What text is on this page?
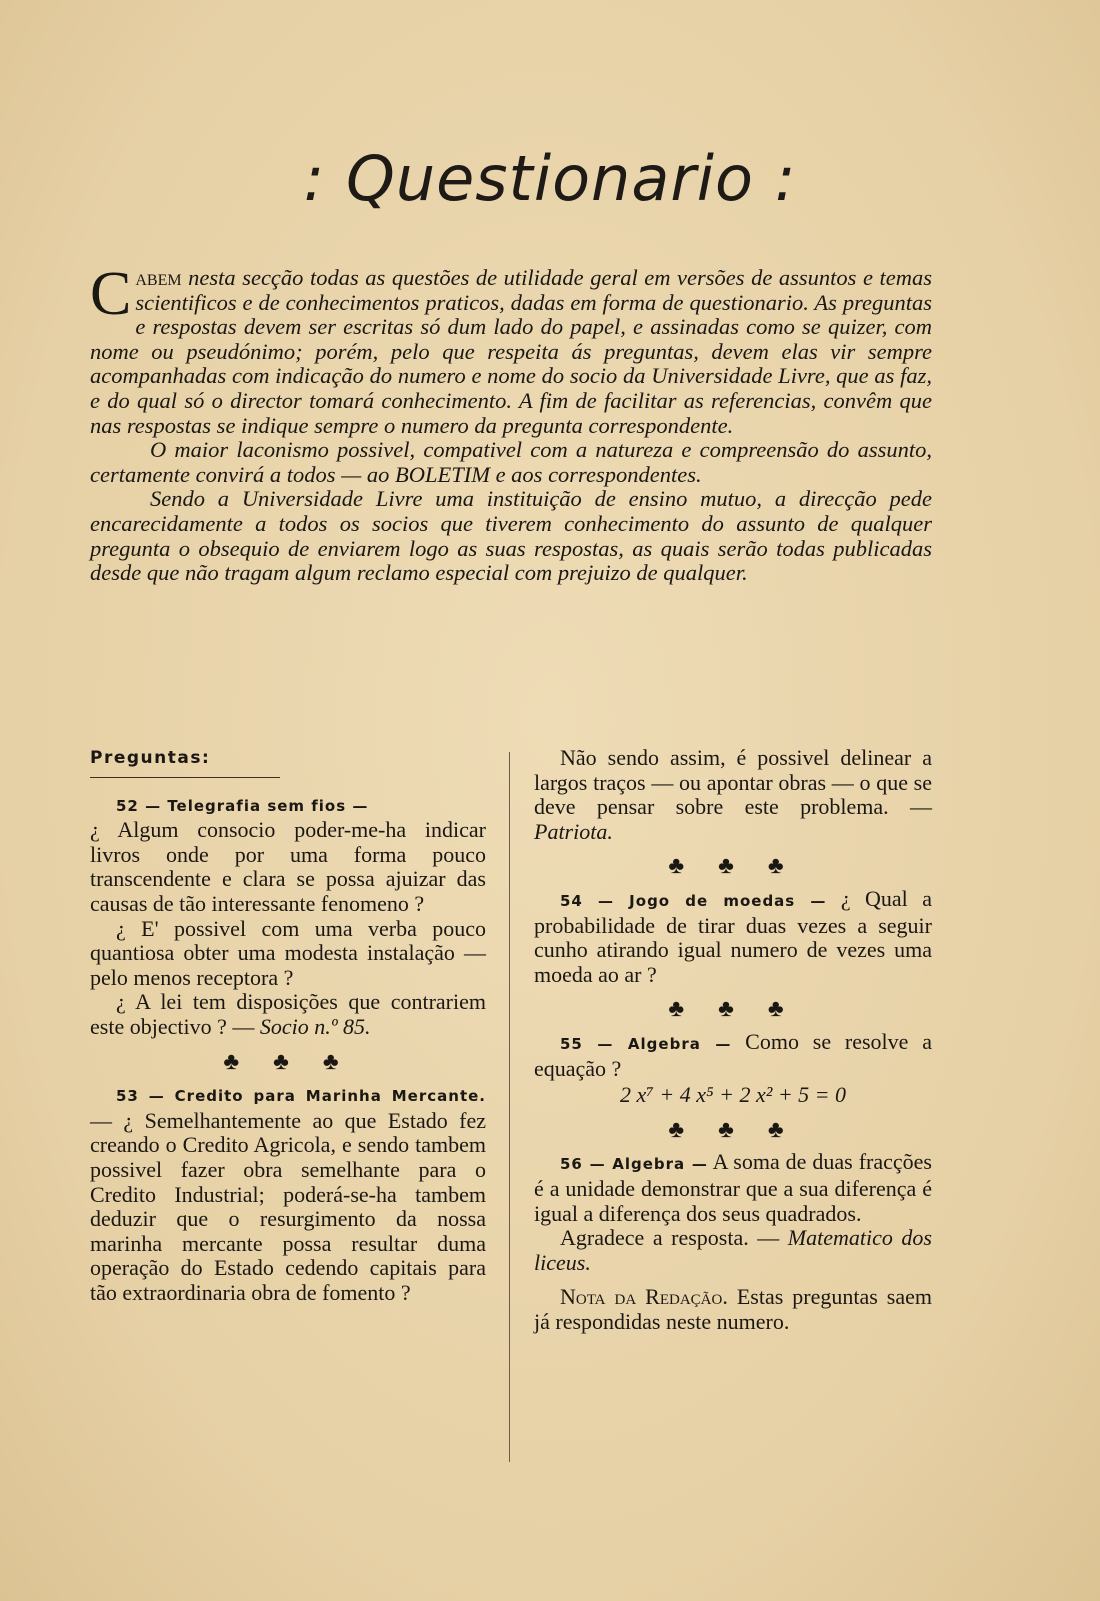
: Questionario :

Cabem nesta secção todas as questões de utilidade geral em versões de assuntos e temas scientificos e de conhecimentos praticos, dadas em forma de questionario. As preguntas e respostas devem ser escritas só dum lado do papel, e assinadas como se quizer, com nome ou pseudónimo; porém, pelo que respeita ás preguntas, devem elas vir sempre acompanhadas com indicação do numero e nome do socio da Universidade Livre, que as faz, e do qual só o director tomará conhecimento. A fim de facilitar as referencias, convêm que nas respostas se indique sempre o numero da pregunta correspondente.

O maior laconismo possivel, compativel com a natureza e compreensão do assunto, certamente convirá a todos — ao BOLETIM e aos correspondentes.

Sendo a Universidade Livre uma instituição de ensino mutuo, a direcção pede encarecidamente a todos os socios que tiverem conhecimento do assunto de qualquer pregunta o obsequio de enviarem logo as suas respostas, as quais serão todas publicadas desde que não tragam algum reclamo especial com prejuizo de qualquer.

Preguntas:

52 — Telegrafia sem fios —

¿ Algum consocio poder-me-ha indicar livros onde por uma forma pouco transcendente e clara se possa ajuizar das causas de tão interessante fenomeno ?

¿ E' possivel com uma verba pouco quantiosa obter uma modesta instalação — pelo menos receptora ?

¿ A lei tem disposições que contrariem este objectivo ? — Socio n.º 85.

♣ ♣ ♣

53 — Credito para Marinha Mercante. — ¿ Semelhantemente ao que Estado fez creando o Credito Agricola, e sendo tambem possivel fazer obra semelhante para o Credito Industrial; poderá-se-ha tambem deduzir que o resurgimento da nossa marinha mercante possa resultar duma operação do Estado cedendo capitais para tão extraordinaria obra de fomento ?

Não sendo assim, é possivel delinear a largos traços — ou apontar obras — o que se deve pensar sobre este problema. — Patriota.

♣ ♣ ♣

54 — Jogo de moedas — ¿ Qual a probabilidade de tirar duas vezes a seguir cunho atirando igual numero de vezes uma moeda ao ar ?

♣ ♣ ♣

55 — Algebra — Como se resolve a equação ?

2 x⁷ + 4 x⁵ + 2 x² + 5 = 0
♣ ♣ ♣

56 — Algebra — A soma de duas fracções é a unidade demonstrar que a sua diferença é igual a diferença dos seus quadrados.

Agradece a resposta. — Matematico dos liceus.

Nota da Redação. Estas preguntas saem já respondidas neste numero.
